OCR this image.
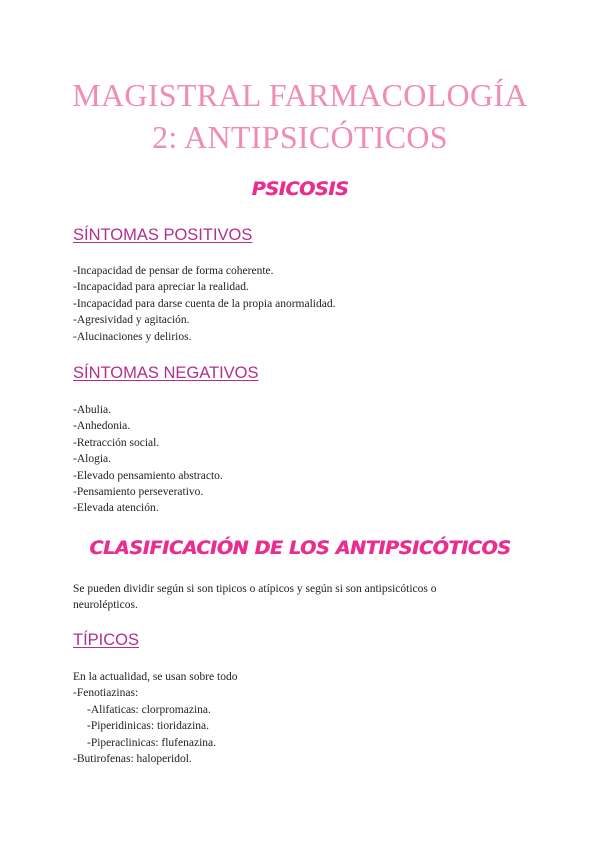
MAGISTRAL FARMACOLOGÍA
2: ANTIPSICÓTICOS
PSICOSIS
SÍNTOMAS POSITIVOS
-Incapacidad de pensar de forma coherente.
-Incapacidad para apreciar la realidad.
-Incapacidad para darse cuenta de la propia anormalidad.
-Agresividad y agitación.
-Alucinaciones y delirios.
SÍNTOMAS NEGATIVOS
-Abulia.
-Anhedonia.
-Retracción social.
-Alogia.
-Elevado pensamiento abstracto.
-Pensamiento perseverativo.
-Elevada atención.
CLASIFICACIÓN DE LOS ANTIPSICÓTICOS
Se pueden dividir según si son tipicos o atípicos y según si son antipsicóticos o
neurolépticos.
TÍPICOS
En la actualidad, se usan sobre todo
-Fenotiazinas:
-Alifaticas: clorpromazina.
-Piperidinicas: tioridazina.
-Piperaclinicas: flufenazina.
-Butirofenas: haloperidol.
